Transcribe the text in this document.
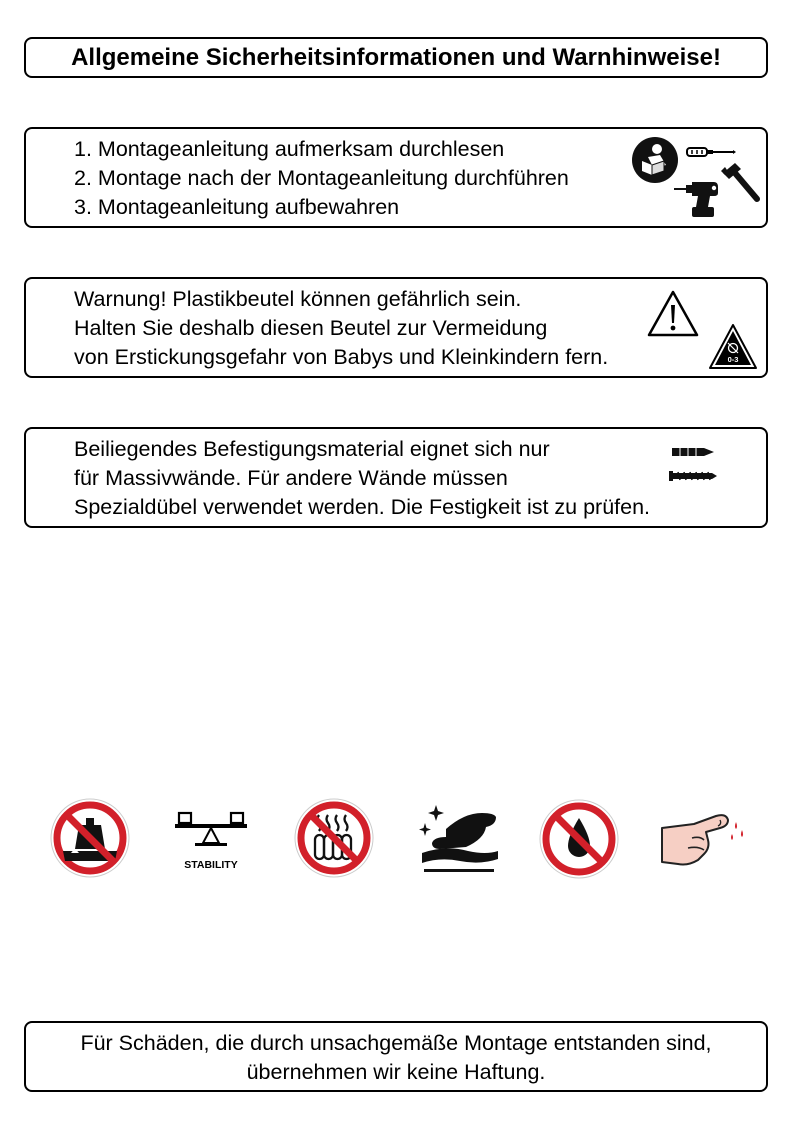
Allgemeine Sicherheitsinformationen und Warnhinweise!
1. Montageanleitung aufmerksam durchlesen
2. Montage nach der Montageanleitung durchführen
3. Montageanleitung aufbewahren
Warnung! Plastikbeutel können gefährlich sein.
Halten Sie deshalb diesen Beutel zur Vermeidung
von Erstickungsgefahr von Babys und Kleinkindern fern.	0-3
Beiliegendes Befestigungsmaterial eignet sich nur
für Massivwände. Für andere Wände müssen
Spezialdübel verwendet werden. Die Festigkeit ist zu prüfen.
STABILITY
Für Schäden, die durch unsachgemäße Montage entstanden sind,
übernehmen wir keine Haftung.
